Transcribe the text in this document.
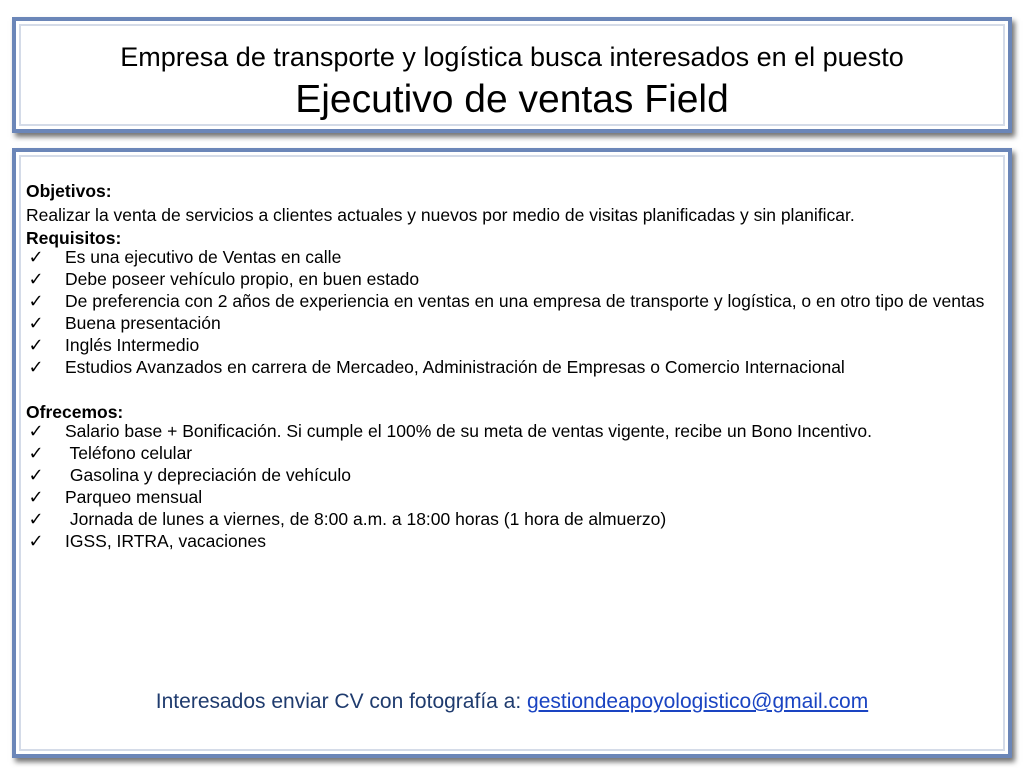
Empresa de transporte y logística busca interesados en el puesto
Ejecutivo de ventas Field

Objetivos:

Realizar la venta de servicios a clientes actuales y nuevos por medio de visitas planificadas y sin planificar.

Requisitos:

✓ Es una ejecutivo de Ventas en calle
✓ Debe poseer vehículo propio, en buen estado
✓ De preferencia con 2 años de experiencia en ventas en una empresa de transporte y logística, o en otro tipo de ventas
✓ Buena presentación
✓ Inglés Intermedio
✓ Estudios Avanzados en carrera de Mercadeo, Administración de Empresas o Comercio Internacional

Ofrecemos:

✓ Salario base + Bonificación. Si cumple el 100% de su meta de ventas vigente, recibe un Bono Incentivo.
✓ Teléfono celular
✓ Gasolina y depreciación de vehículo
✓ Parqueo mensual
✓ Jornada de lunes a viernes, de 8:00 a.m. a 18:00 horas (1 hora de almuerzo)
✓ IGSS, IRTRA, vacaciones
Interesados enviar CV con fotografía a: gestiondeapoyologistico@gmail.com
